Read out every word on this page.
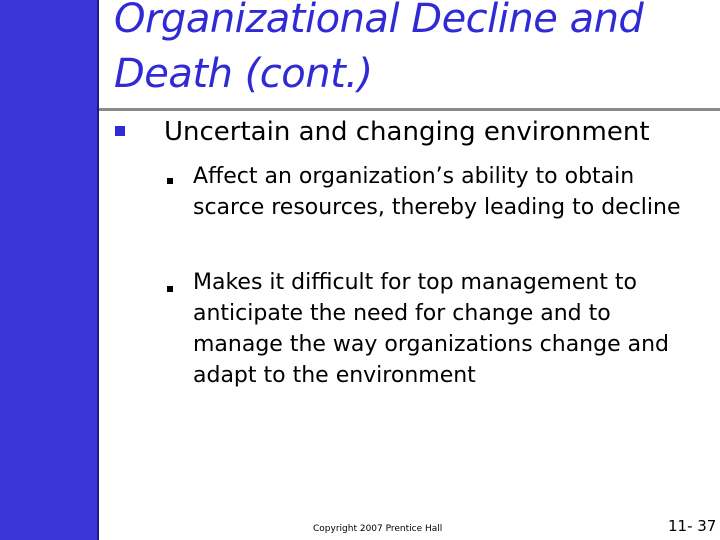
Organizational Decline and Death (cont.)
Uncertain and changing environment
Affect an organization’s ability to obtain scarce resources, thereby leading to decline
Makes it difficult for top management to anticipate the need for change and to manage the way organizations change and adapt to the environment
Copyright 2007 Prentice Hall	11- 37
